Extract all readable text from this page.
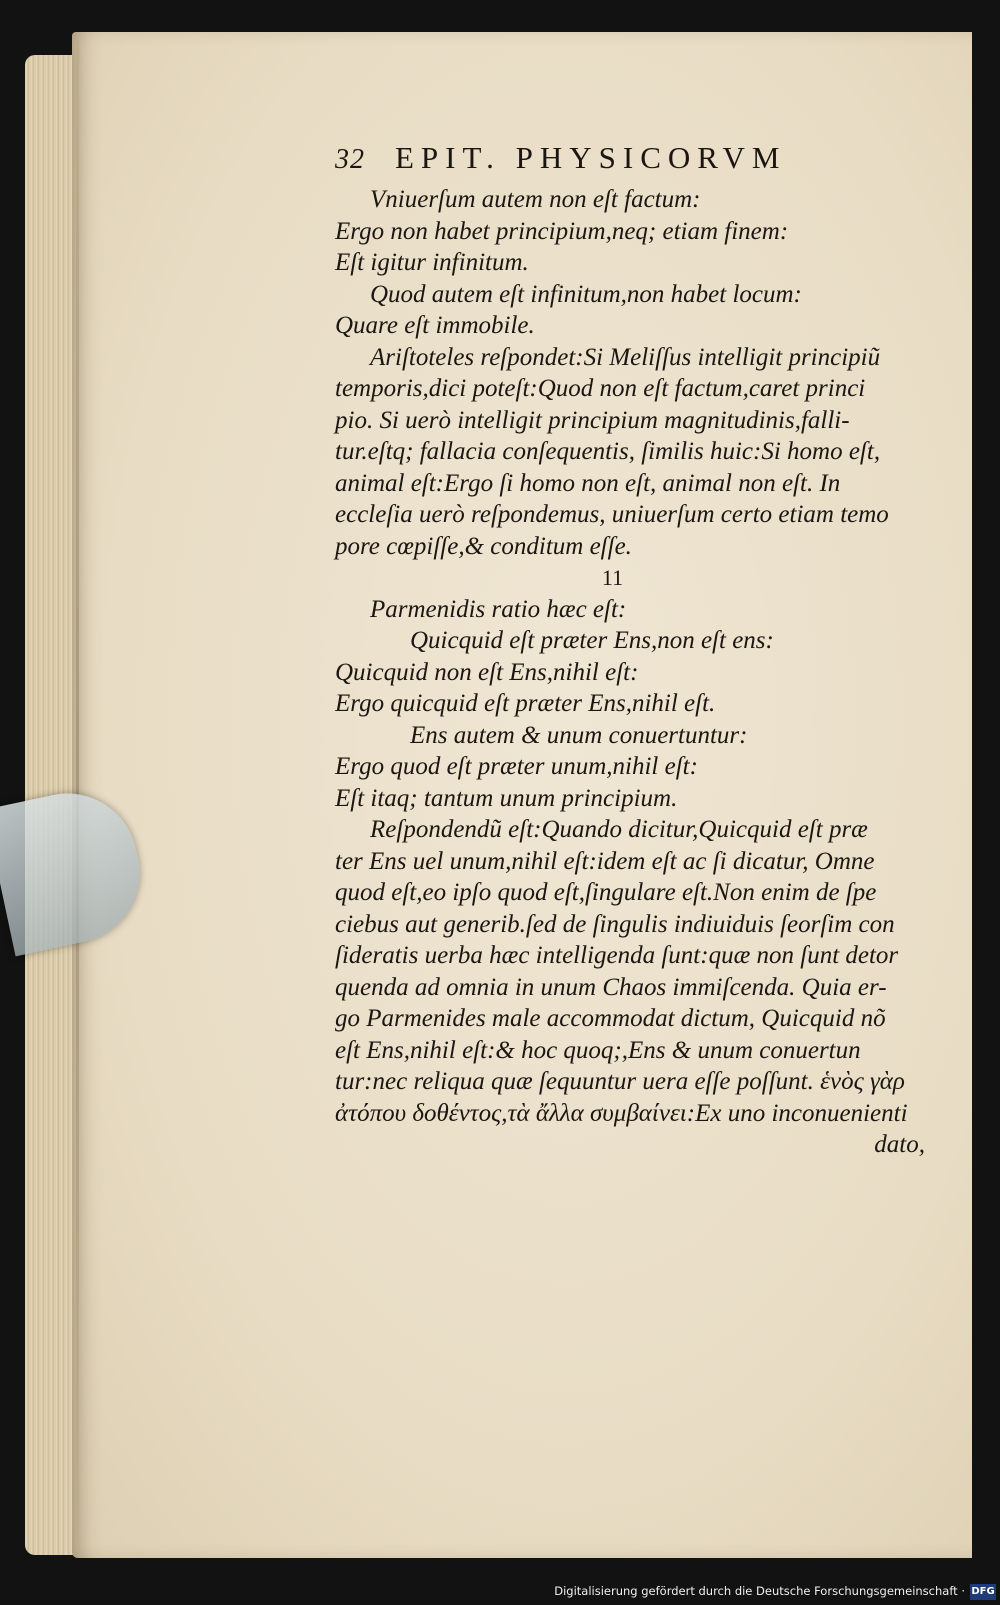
32 EPIT. PHYSICORVM
Vniuerſum autem non eſt factum:
Ergo non habet principium,neq; etiam finem:
Eſt igitur infinitum.
Quod autem eſt infinitum,non habet locum:
Quare eſt immobile.
Ariſtoteles reſpondet:Si Meliſſus intelligit principiũ
temporis,dici poteſt:Quod non eſt factum,caret princi
pio. Si uerò intelligit principium magnitudinis,falli-
tur.eſtq; fallacia conſequentis, ſimilis huic:Si homo eſt,
animal eſt:Ergo ſi homo non eſt, animal non eſt. In
eccleſia uerò reſpondemus, uniuerſum certo etiam temo
pore cœpiſſe,& conditum eſſe.
11
Parmenidis ratio hæc eſt:
Quicquid eſt præter Ens,non eſt ens:
Quicquid non eſt Ens,nihil eſt:
Ergo quicquid eſt præter Ens,nihil eſt.
Ens autem & unum conuertuntur:
Ergo quod eſt præter unum,nihil eſt:
Eſt itaq; tantum unum principium.
Reſpondendũ eſt:Quando dicitur,Quicquid eſt præ
ter Ens uel unum,nihil eſt:idem eſt ac ſi dicatur, Omne
quod eſt,eo ipſo quod eſt,ſingulare eſt.Non enim de ſpe
ciebus aut generib.ſed de ſingulis indiuiduis ſeorſim con
ſideratis uerba hæc intelligenda ſunt:quæ non ſunt detor
quenda ad omnia in unum Chaos immiſcenda. Quia er-
go Parmenides male accommodat dictum, Quicquid nõ
eſt Ens,nihil eſt:& hoc quoq;,Ens & unum conuertun
tur:nec reliqua quæ ſequuntur uera eſſe poſſunt. ἑνὸς γὰρ
ἀτόπου δοθέντος,τὰ ἄλλα συμβαίνει:Ex uno inconuenienti
dato,
Digitalisierung gefördert durch die Deutsche Forschungsgemeinschaft · DFG
